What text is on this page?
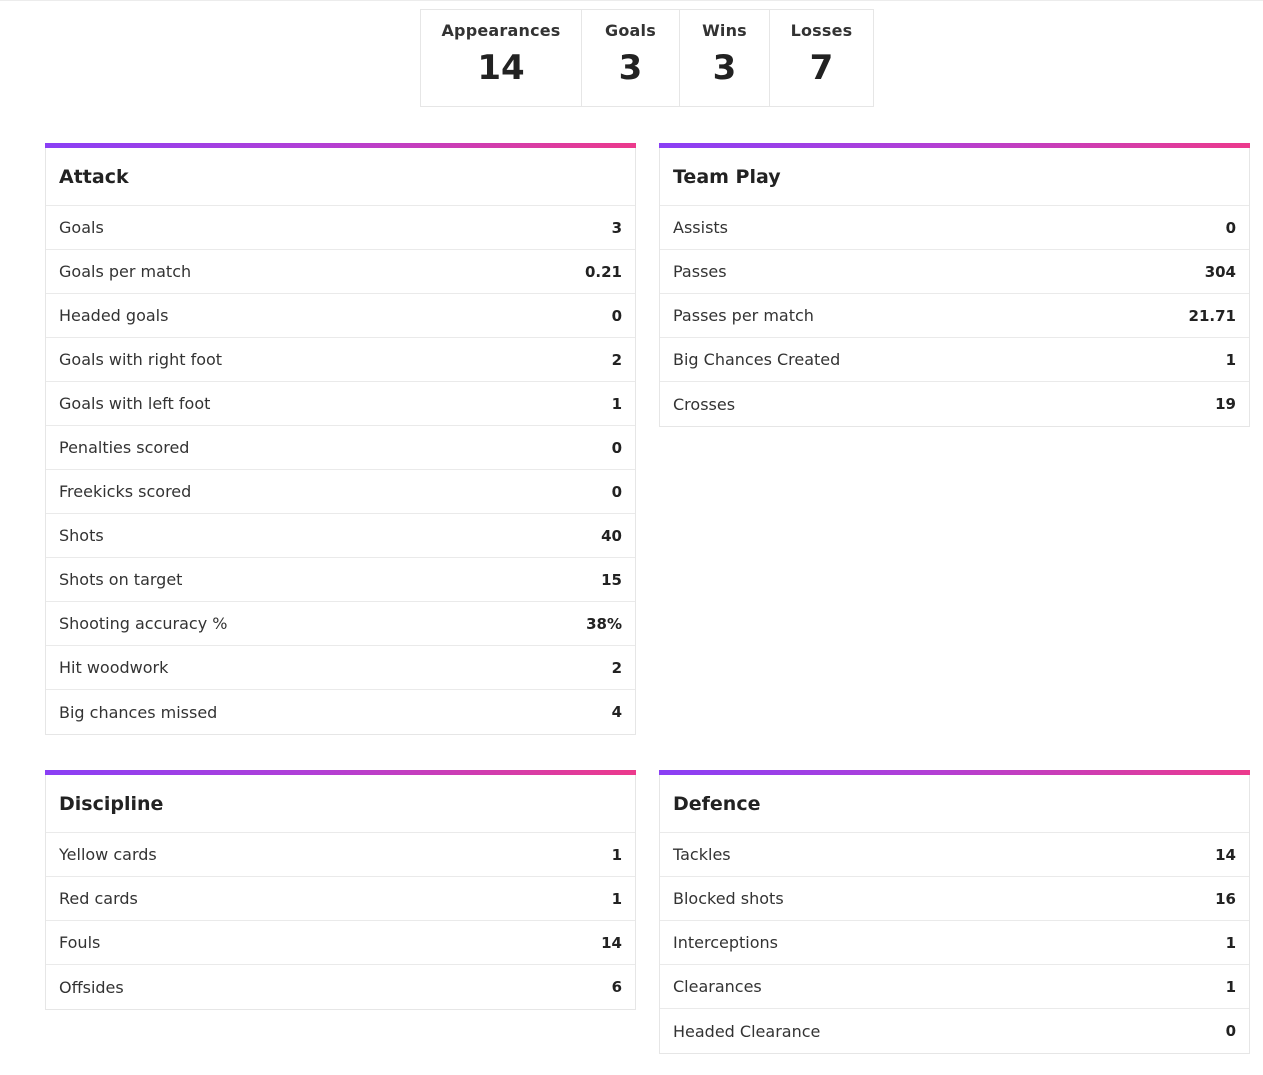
Appearances
14
Goals
3
Wins
3
Losses
7
Attack
Goals	3
Goals per match	0.21
Headed goals	0
Goals with right foot	2
Goals with left foot	1
Penalties scored	0
Freekicks scored	0
Shots	40
Shots on target	15
Shooting accuracy %	38%
Hit woodwork	2
Big chances missed	4
Team Play
Assists	0
Passes	304
Passes per match	21.71
Big Chances Created	1
Crosses	19
Discipline
Yellow cards	1
Red cards	1
Fouls	14
Offsides	6
Defence
Tackles	14
Blocked shots	16
Interceptions	1
Clearances	1
Headed Clearance	0
